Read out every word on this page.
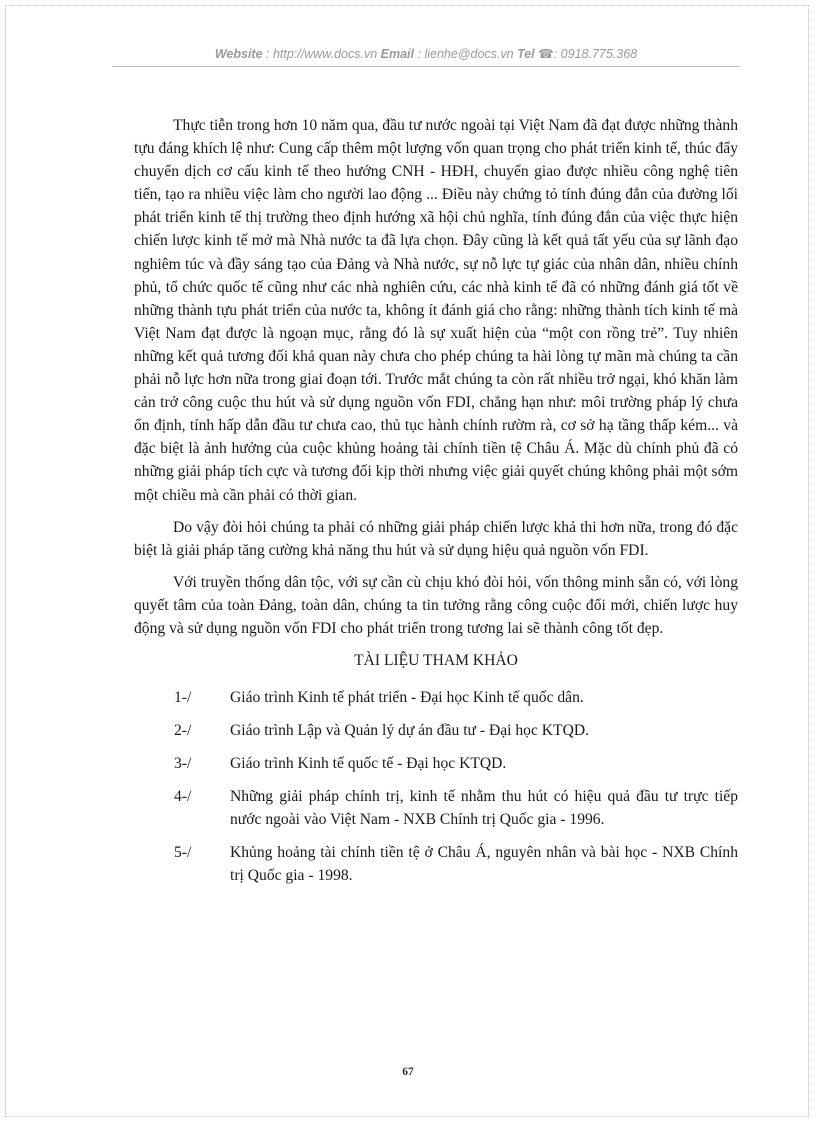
Website : http://www.docs.vn Email : lienhe@docs.vn Tel ☎: 0918.775.368

Thực tiễn trong hơn 10 năm qua, đầu tư nước ngoài tại Việt Nam đã đạt được những thành tựu đáng khích lệ như: Cung cấp thêm một lượng vốn quan trọng cho phát triển kinh tế, thúc đẩy chuyển dịch cơ cấu kinh tế theo hướng CNH - HĐH, chuyển giao được nhiều công nghệ tiên tiến, tạo ra nhiều việc làm cho người lao động ... Điều này chứng tỏ tính đúng đắn của đường lối phát triển kinh tế thị trường theo định hướng xã hội chủ nghĩa, tính đúng đắn của việc thực hiện chiến lược kinh tế mở mà Nhà nước ta đã lựa chọn. Đây cũng là kết quả tất yếu của sự lãnh đạo nghiêm túc và đầy sáng tạo của Đảng và Nhà nước, sự nỗ lực tự giác của nhân dân, nhiều chính phủ, tổ chức quốc tế cũng như các nhà nghiên cứu, các nhà kinh tế đã có những đánh giá tốt về những thành tựu phát triển của nước ta, không ít đánh giá cho rằng: những thành tích kinh tế mà Việt Nam đạt được là ngoạn mục, rằng đó là sự xuất hiện của “một con rồng trẻ”. Tuy nhiên những kết quả tương đối khả quan này chưa cho phép chúng ta hài lòng tự mãn mà chúng ta cần phải nỗ lực hơn nữa trong giai đoạn tới. Trước mắt chúng ta còn rất nhiều trở ngại, khó khăn làm cản trở công cuộc thu hút và sử dụng nguồn vốn FDI, chẳng hạn như: môi trường pháp lý chưa ổn định, tính hấp dẫn đầu tư chưa cao, thủ tục hành chính rườm rà, cơ sở hạ tầng thấp kém... và đặc biệt là ảnh hưởng của cuộc khủng hoảng tài chính tiền tệ Châu Á. Mặc dù chính phủ đã có những giải pháp tích cực và tương đối kịp thời nhưng việc giải quyết chúng không phải một sớm một chiều mà cần phải có thời gian.

Do vậy đòi hỏi chúng ta phải có những giải pháp chiến lược khả thi hơn nữa, trong đó đặc biệt là giải pháp tăng cường khả năng thu hút và sử dụng hiệu quả nguồn vốn FDI.

Với truyền thống dân tộc, với sự cần cù chịu khó đòi hỏi, vốn thông minh sẵn có, với lòng quyết tâm của toàn Đảng, toàn dân, chúng ta tin tưởng rằng công cuộc đổi mới, chiến lược huy động và sử dụng nguồn vốn FDI cho phát triển trong tương lai sẽ thành công tốt đẹp.

TÀI LIỆU THAM KHẢO
1-/	Giáo trình Kinh tế phát triển - Đại học Kinh tế quốc dân.
2-/	Giáo trình Lập và Quản lý dự án đầu tư - Đại học KTQD.
3-/	Giáo trình Kinh tế quốc tế - Đại học KTQD.
4-/	Những giải pháp chính trị, kinh tế nhằm thu hút có hiệu quả đầu tư trực tiếp nước ngoài vào Việt Nam - NXB Chính trị Quốc gia - 1996.
5-/	Khủng hoảng tài chính tiền tệ ở Châu Á, nguyên nhân và bài học - NXB Chính trị Quốc gia - 1998.
67
